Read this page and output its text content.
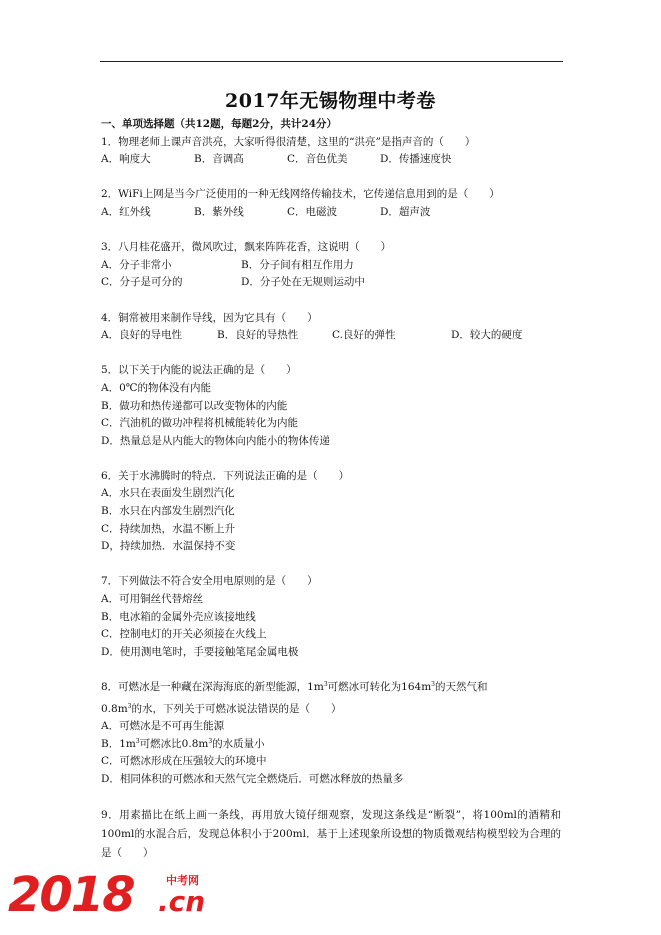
2017年无锡物理中考卷
一、单项选择题（共12题，每题2分，共计24分）
1．物理老师上课声音洪亮，大家听得很清楚，这里的“洪亮”是指声音的（　　）
A．响度大	B．音调高	C．音色优美	D．传播速度快
2．WiFi上网是当今广泛使用的一种无线网络传输技术，它传递信息用到的是（　　）
A．红外线	B．紫外线	C．电磁波	D．超声波
3．八月桂花盛开，微风吹过，飘来阵阵花香，这说明（　　）
A．分子非常小	B．分子间有相互作用力
C．分子是可分的	D．分子处在无规则运动中
4．铜常被用来制作导线，因为它具有（　　）
A．良好的导电性	B．良好的导热性	C.良好的弹性	D．较大的硬度
5．以下关于内能的说法正确的是（　　）
A．0℃的物体没有内能
B．做功和热传递都可以改变物体的内能
C．汽油机的做功冲程将机械能转化为内能
D．热量总是从内能大的物体向内能小的物体传递
6．关于水沸腾时的特点．下列说法正确的是（　　）
A．水只在表面发生剧烈汽化
B．水只在内部发生剧烈汽化
C．持续加热，水温不断上升
D，持续加热．水温保持不变
7．下列做法不符合安全用电原则的是（　　）
A．可用铜丝代替熔丝
B．电冰箱的金属外壳应该接地线
C．控制电灯的开关必须接在火线上
D．使用测电笔时，手要接触笔尾金属电极
8．可燃冰是一种藏在深海海底的新型能源，$1m^3$可燃冰可转化为$164m^3$的天然气和
$0.8m^3$的水，下列关于可燃冰说法错误的是（　　）
A．可燃冰是不可再生能源
B．$1m^3$可燃冰比$0.8m^3$的水质量小
C．可燃冰形成在压强较大的环境中
D．相同体积的可燃冰和天然气完全燃烧后．可燃冰释放的热量多
9．用素描比在纸上画一条线，再用放大镜仔细观察，发现这条线是“断裂”，将100ml的酒精和100ml的水混合后，发现总体积小于200ml．基于上述现象所设想的物质微观结构模型较为合理的是（　　）
2018	中考网
.cn
